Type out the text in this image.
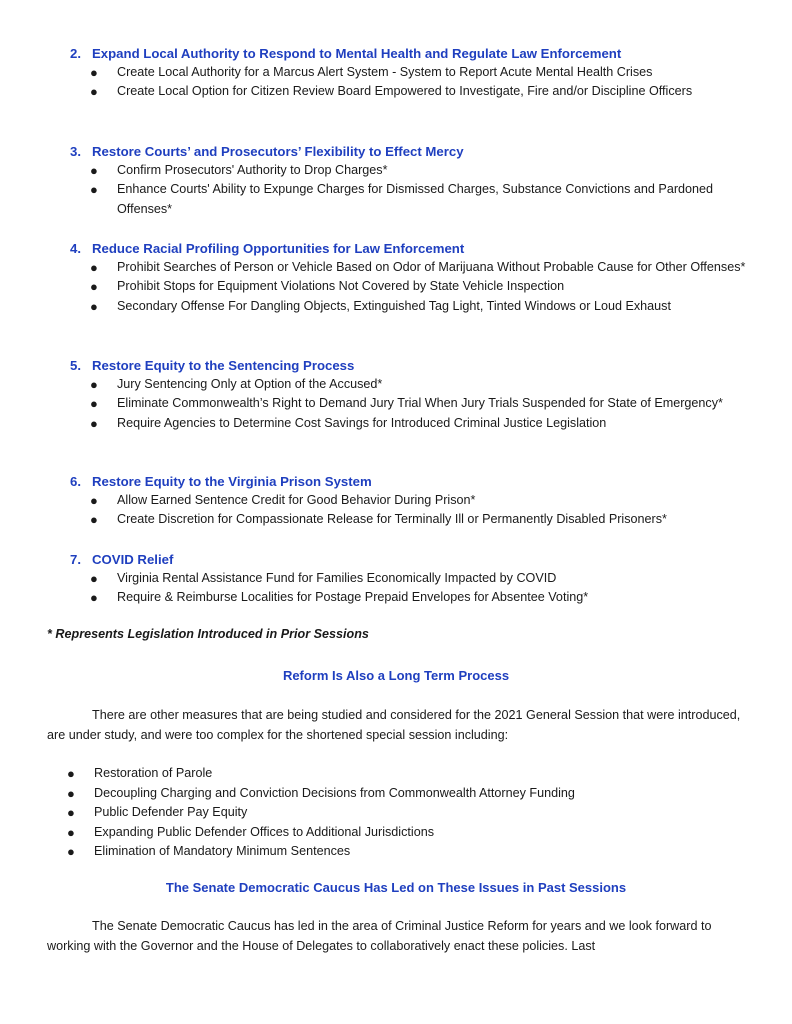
2. Expand Local Authority to Respond to Mental Health and Regulate Law Enforcement
● Create Local Authority for a Marcus Alert System - System to Report Acute Mental Health Crises
● Create Local Option for Citizen Review Board Empowered to Investigate, Fire and/or Discipline Officers
3. Restore Courts’ and Prosecutors’ Flexibility to Effect Mercy
● Confirm Prosecutors' Authority to Drop Charges*
● Enhance Courts' Ability to Expunge Charges for Dismissed Charges, Substance Convictions and Pardoned Offenses*
4. Reduce Racial Profiling Opportunities for Law Enforcement
● Prohibit Searches of Person or Vehicle Based on Odor of Marijuana Without Probable Cause for Other Offenses*
● Prohibit Stops for Equipment Violations Not Covered by State Vehicle Inspection
● Secondary Offense For Dangling Objects, Extinguished Tag Light, Tinted Windows or Loud Exhaust
5. Restore Equity to the Sentencing Process
● Jury Sentencing Only at Option of the Accused*
● Eliminate Commonwealth’s Right to Demand Jury Trial When Jury Trials Suspended for State of Emergency*
● Require Agencies to Determine Cost Savings for Introduced Criminal Justice Legislation
6. Restore Equity to the Virginia Prison System
● Allow Earned Sentence Credit for Good Behavior During Prison*
● Create Discretion for Compassionate Release for Terminally Ill or Permanently Disabled Prisoners*
7. COVID Relief
● Virginia Rental Assistance Fund for Families Economically Impacted by COVID
● Require & Reimburse Localities for Postage Prepaid Envelopes for Absentee Voting*
* Represents Legislation Introduced in Prior Sessions
Reform Is Also a Long Term Process
There are other measures that are being studied and considered for the 2021 General Session that were introduced, are under study, and were too complex for the shortened special session including:
● Restoration of Parole
● Decoupling Charging and Conviction Decisions from Commonwealth Attorney Funding
● Public Defender Pay Equity
● Expanding Public Defender Offices to Additional Jurisdictions
● Elimination of Mandatory Minimum Sentences
The Senate Democratic Caucus Has Led on These Issues in Past Sessions
The Senate Democratic Caucus has led in the area of Criminal Justice Reform for years and we look forward to working with the Governor and the House of Delegates to collaboratively enact these policies. Last
